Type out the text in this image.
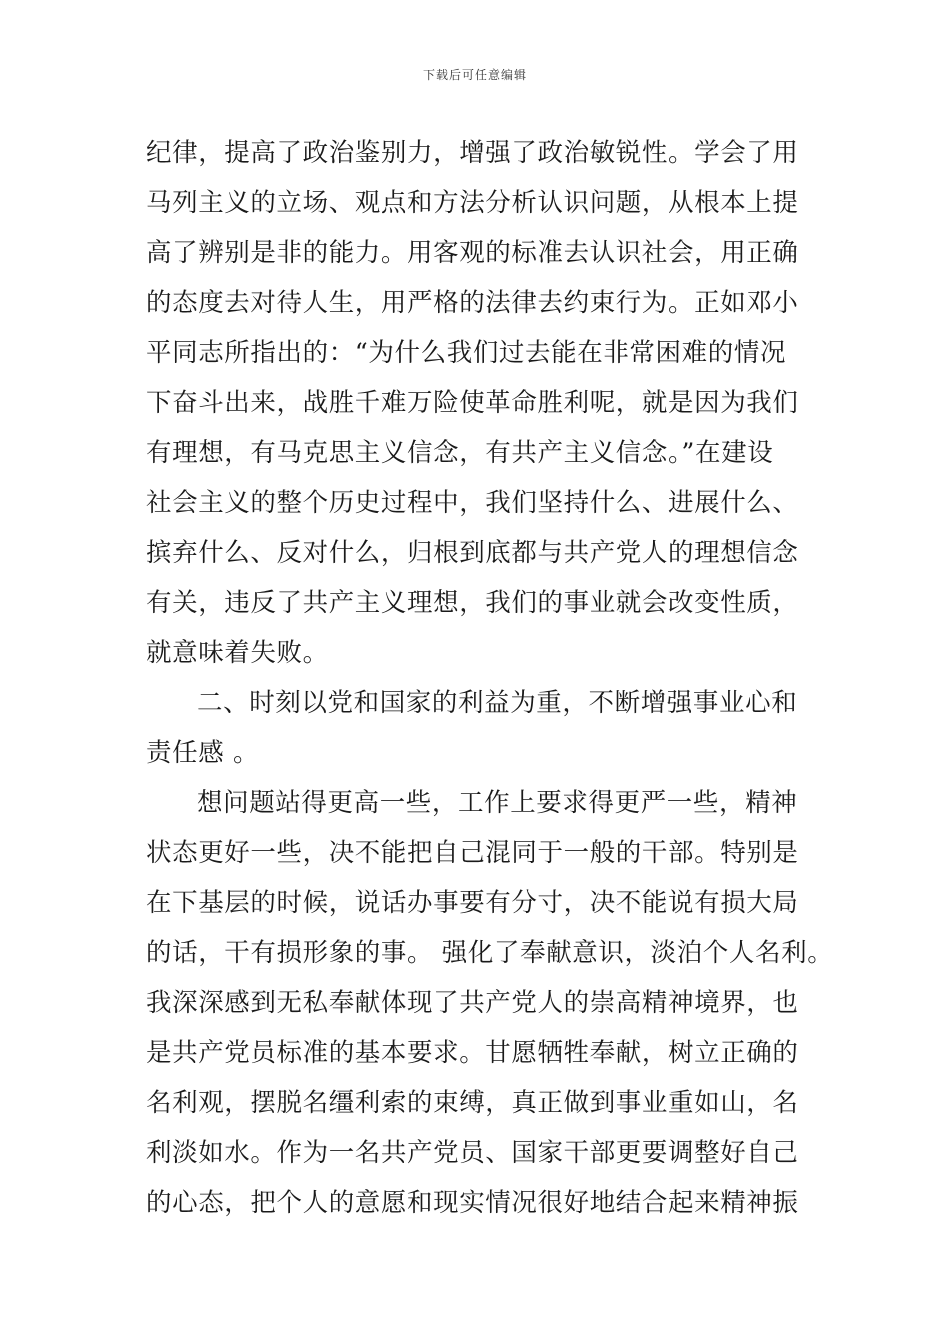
下载后可任意编辑
纪律，提高了政治鉴别力，增强了政治敏锐性。学会了用
马列主义的立场、观点和方法分析认识问题，从根本上提
高了辨别是非的能力。用客观的标准去认识社会，用正确
的态度去对待人生，用严格的法律去约束行为。正如邓小
平同志所指出的：“为什么我们过去能在非常困难的情况
下奋斗出来，战胜千难万险使革命胜利呢，就是因为我们
有理想，有马克思主义信念，有共产主义信念。”在建设
社会主义的整个历史过程中，我们坚持什么、进展什么、
摈弃什么、反对什么，归根到底都与共产党人的理想信念
有关，违反了共产主义理想，我们的事业就会改变性质，
就意味着失败。
二、时刻以党和国家的利益为重，不断增强事业心和
责任感 。
想问题站得更高一些，工作上要求得更严一些，精神
状态更好一些，决不能把自己混同于一般的干部。特别是
在下基层的时候，说话办事要有分寸，决不能说有损大局
的话，干有损形象的事。 强化了奉献意识，淡泊个人名利。
我深深感到无私奉献体现了共产党人的崇高精神境界，也
是共产党员标准的基本要求。甘愿牺牲奉献，树立正确的
名利观，摆脱名缰利索的束缚，真正做到事业重如山，名
利淡如水。作为一名共产党员、国家干部更要调整好自己
的心态，把个人的意愿和现实情况很好地结合起来精神振
